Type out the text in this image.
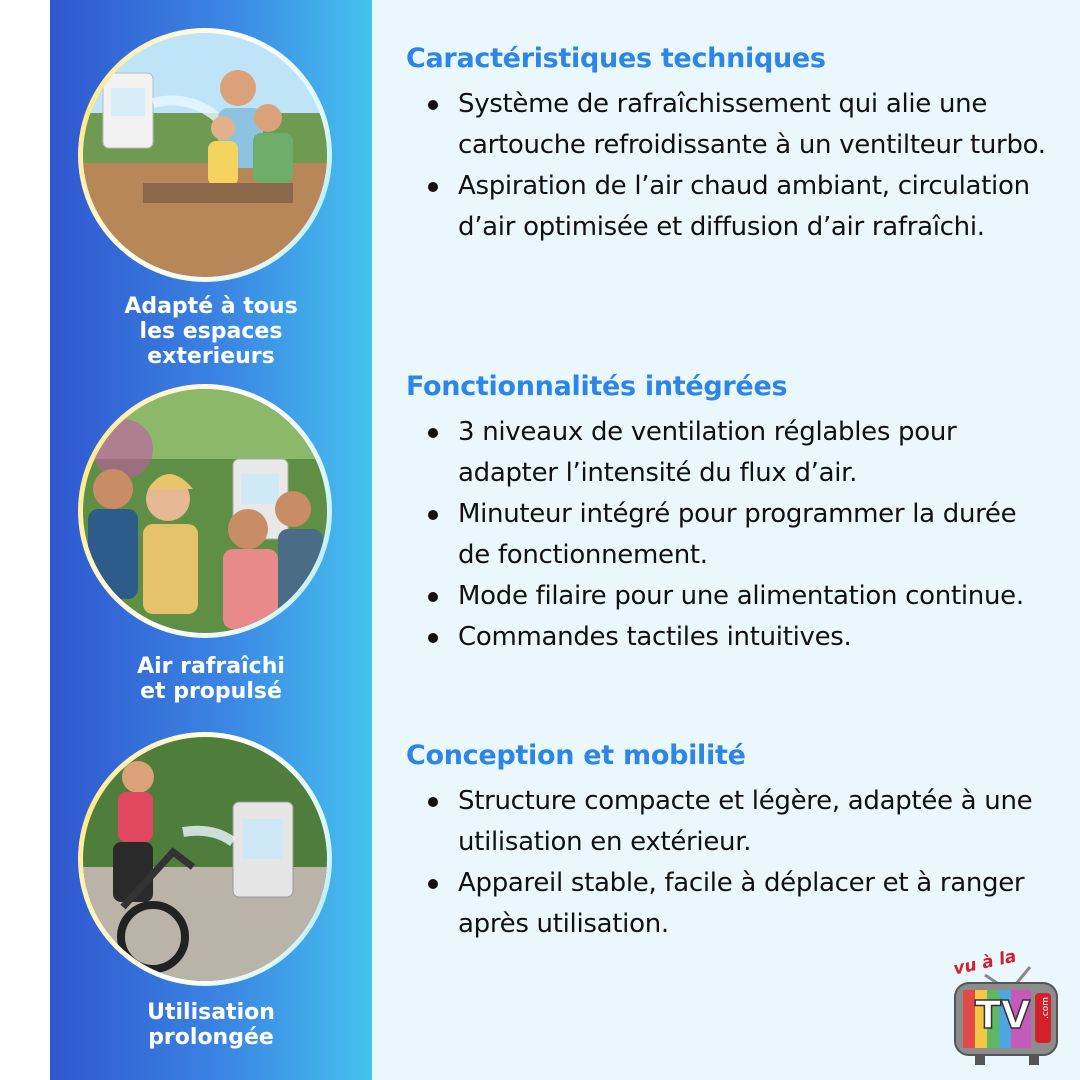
Adapté à tous
les espaces
exterieurs
Air rafraîchi
et propulsé
Utilisation
prolongée
Caractéristiques techniques
Système de rafraîchissement qui alie une cartouche refroidissante à un ventilteur turbo.
Aspiration de l’air chaud ambiant, circulation d’air optimisée et diffusion d’air rafraîchi.
Fonctionnalités intégrées
3 niveaux de ventilation réglables pour adapter l’intensité du flux d’air.
Minuteur intégré pour programmer la durée de fonctionnement.
Mode filaire pour une alimentation continue.
Commandes tactiles intuitives.
Conception et mobilité
Structure compacte et légère, adaptée à une utilisation en extérieur.
Appareil stable, facile à déplacer et à ranger après utilisation.
vu à la
TV .com
